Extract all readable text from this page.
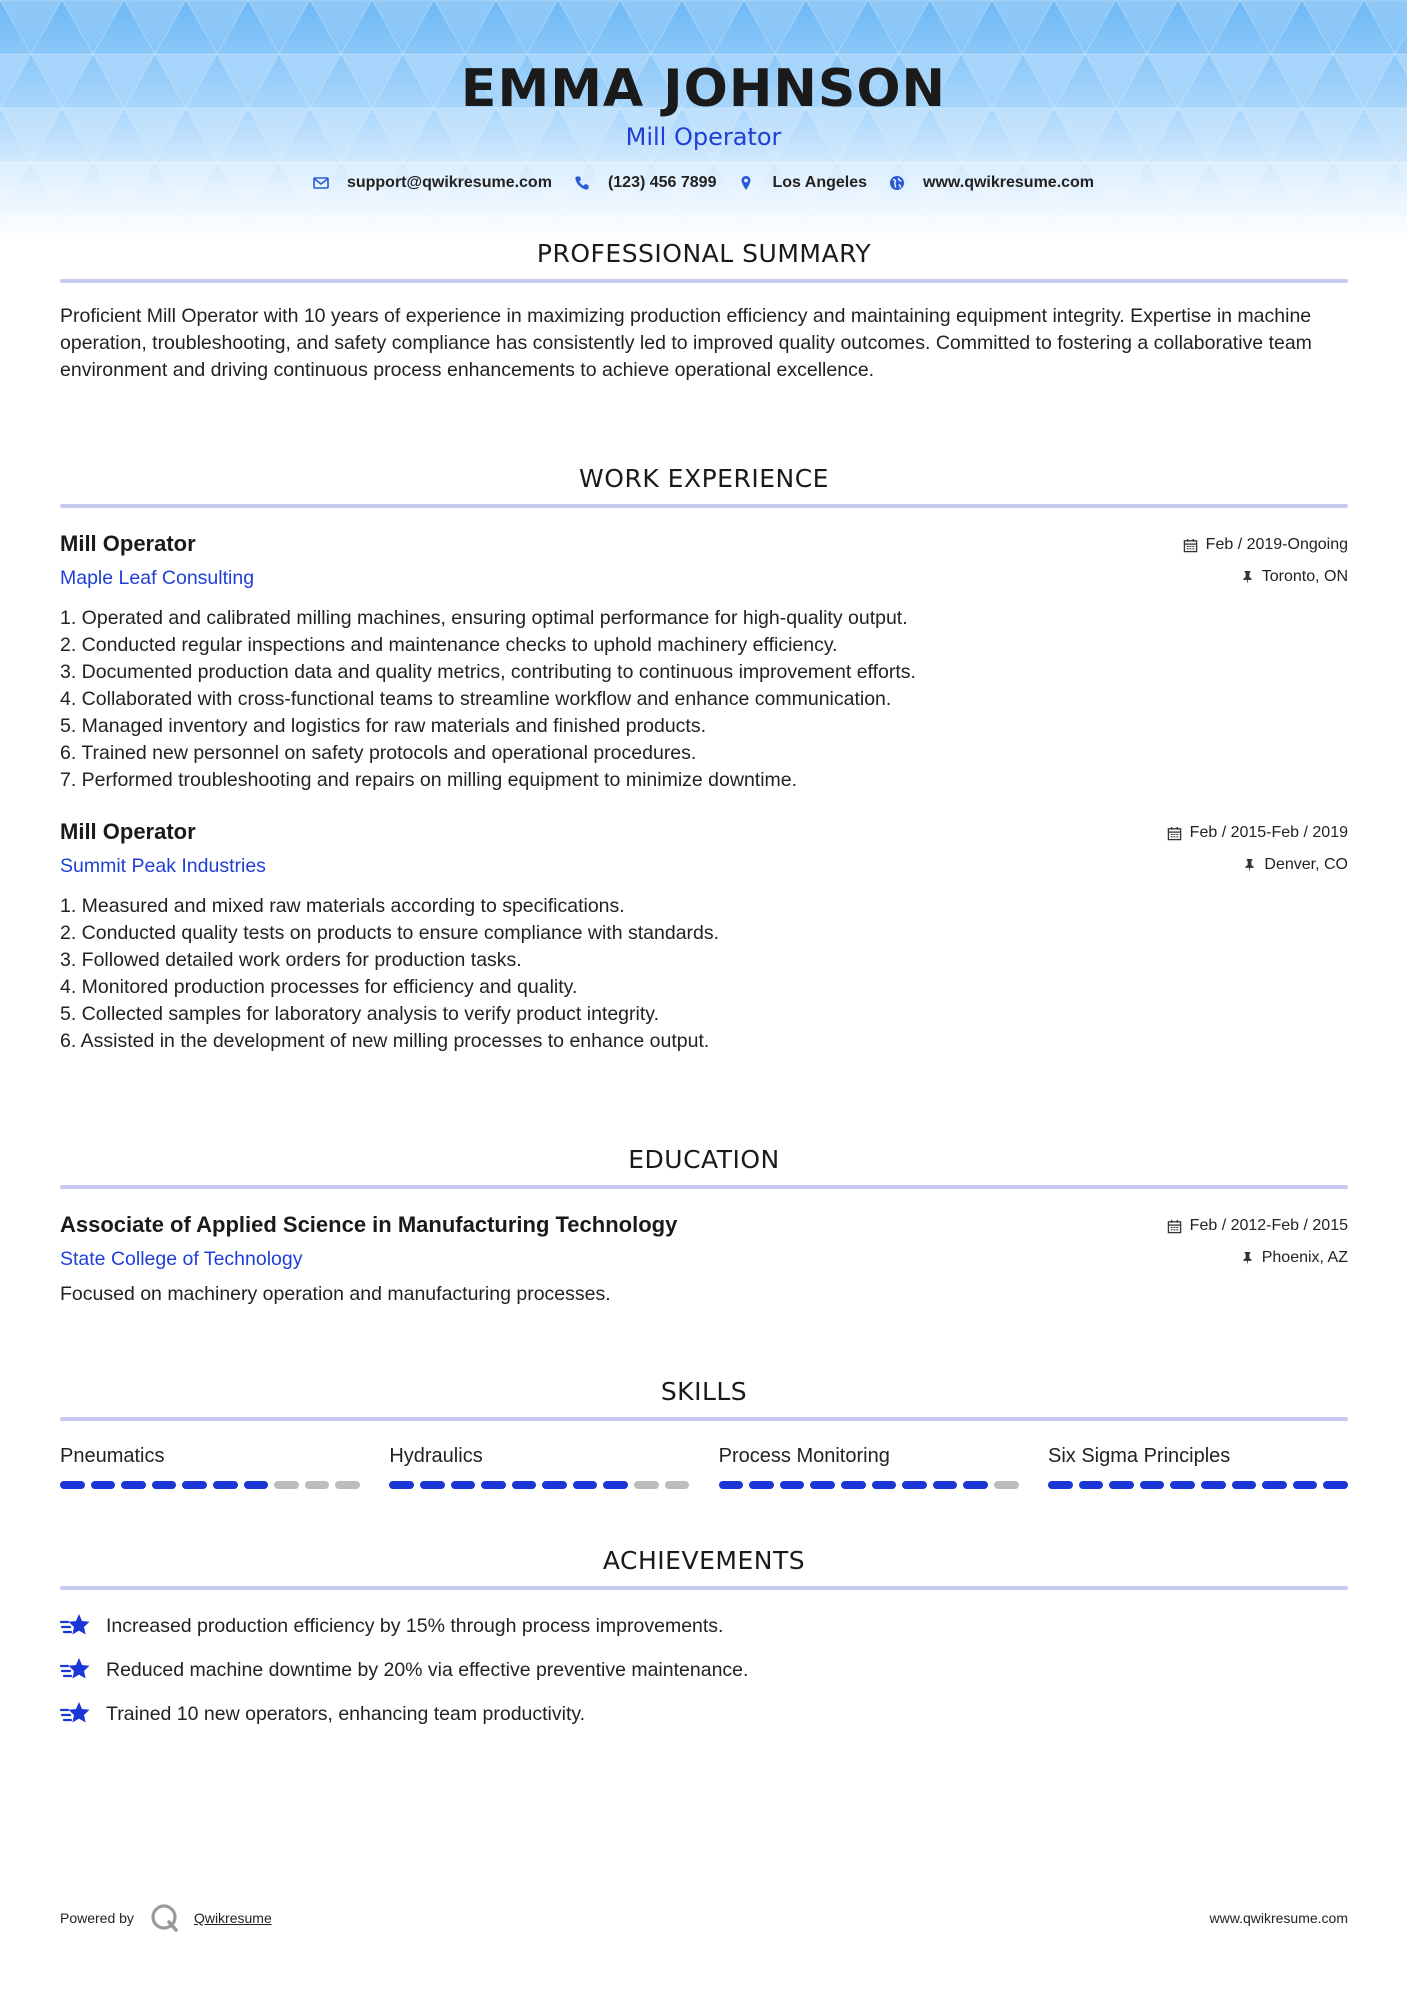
EMMA JOHNSON
Mill Operator
support@qwikresume.com	(123) 456 7899	Los Angeles	www.qwikresume.com
PROFESSIONAL SUMMARY

Proficient Mill Operator with 10 years of experience in maximizing production efficiency and maintaining equipment integrity. Expertise in machine operation, troubleshooting, and safety compliance has consistently led to improved quality outcomes. Committed to fostering a collaborative team environment and driving continuous process enhancements to achieve operational excellence.

WORK EXPERIENCE
Mill Operator
Maple Leaf Consulting
Feb / 2019-Ongoing
Toronto, ON
1. Operated and calibrated milling machines, ensuring optimal performance for high-quality output.
2. Conducted regular inspections and maintenance checks to uphold machinery efficiency.
3. Documented production data and quality metrics, contributing to continuous improvement efforts.
4. Collaborated with cross-functional teams to streamline workflow and enhance communication.
5. Managed inventory and logistics for raw materials and finished products.
6. Trained new personnel on safety protocols and operational procedures.
7. Performed troubleshooting and repairs on milling equipment to minimize downtime.
Mill Operator
Summit Peak Industries
Feb / 2015-Feb / 2019
Denver, CO
1. Measured and mixed raw materials according to specifications.
2. Conducted quality tests on products to ensure compliance with standards.
3. Followed detailed work orders for production tasks.
4. Monitored production processes for efficiency and quality.
5. Collected samples for laboratory analysis to verify product integrity.
6. Assisted in the development of new milling processes to enhance output.
EDUCATION
Associate of Applied Science in Manufacturing Technology
State College of Technology
Feb / 2012-Feb / 2015
Phoenix, AZ

Focused on machinery operation and manufacturing processes.

SKILLS
Pneumatics	Hydraulics	Process Monitoring	Six Sigma Principles
ACHIEVEMENTS
Increased production efficiency by 15% through process improvements.
Reduced machine downtime by 20% via effective preventive maintenance.
Trained 10 new operators, enhancing team productivity.
Powered by	Qwikresume	www.qwikresume.com
